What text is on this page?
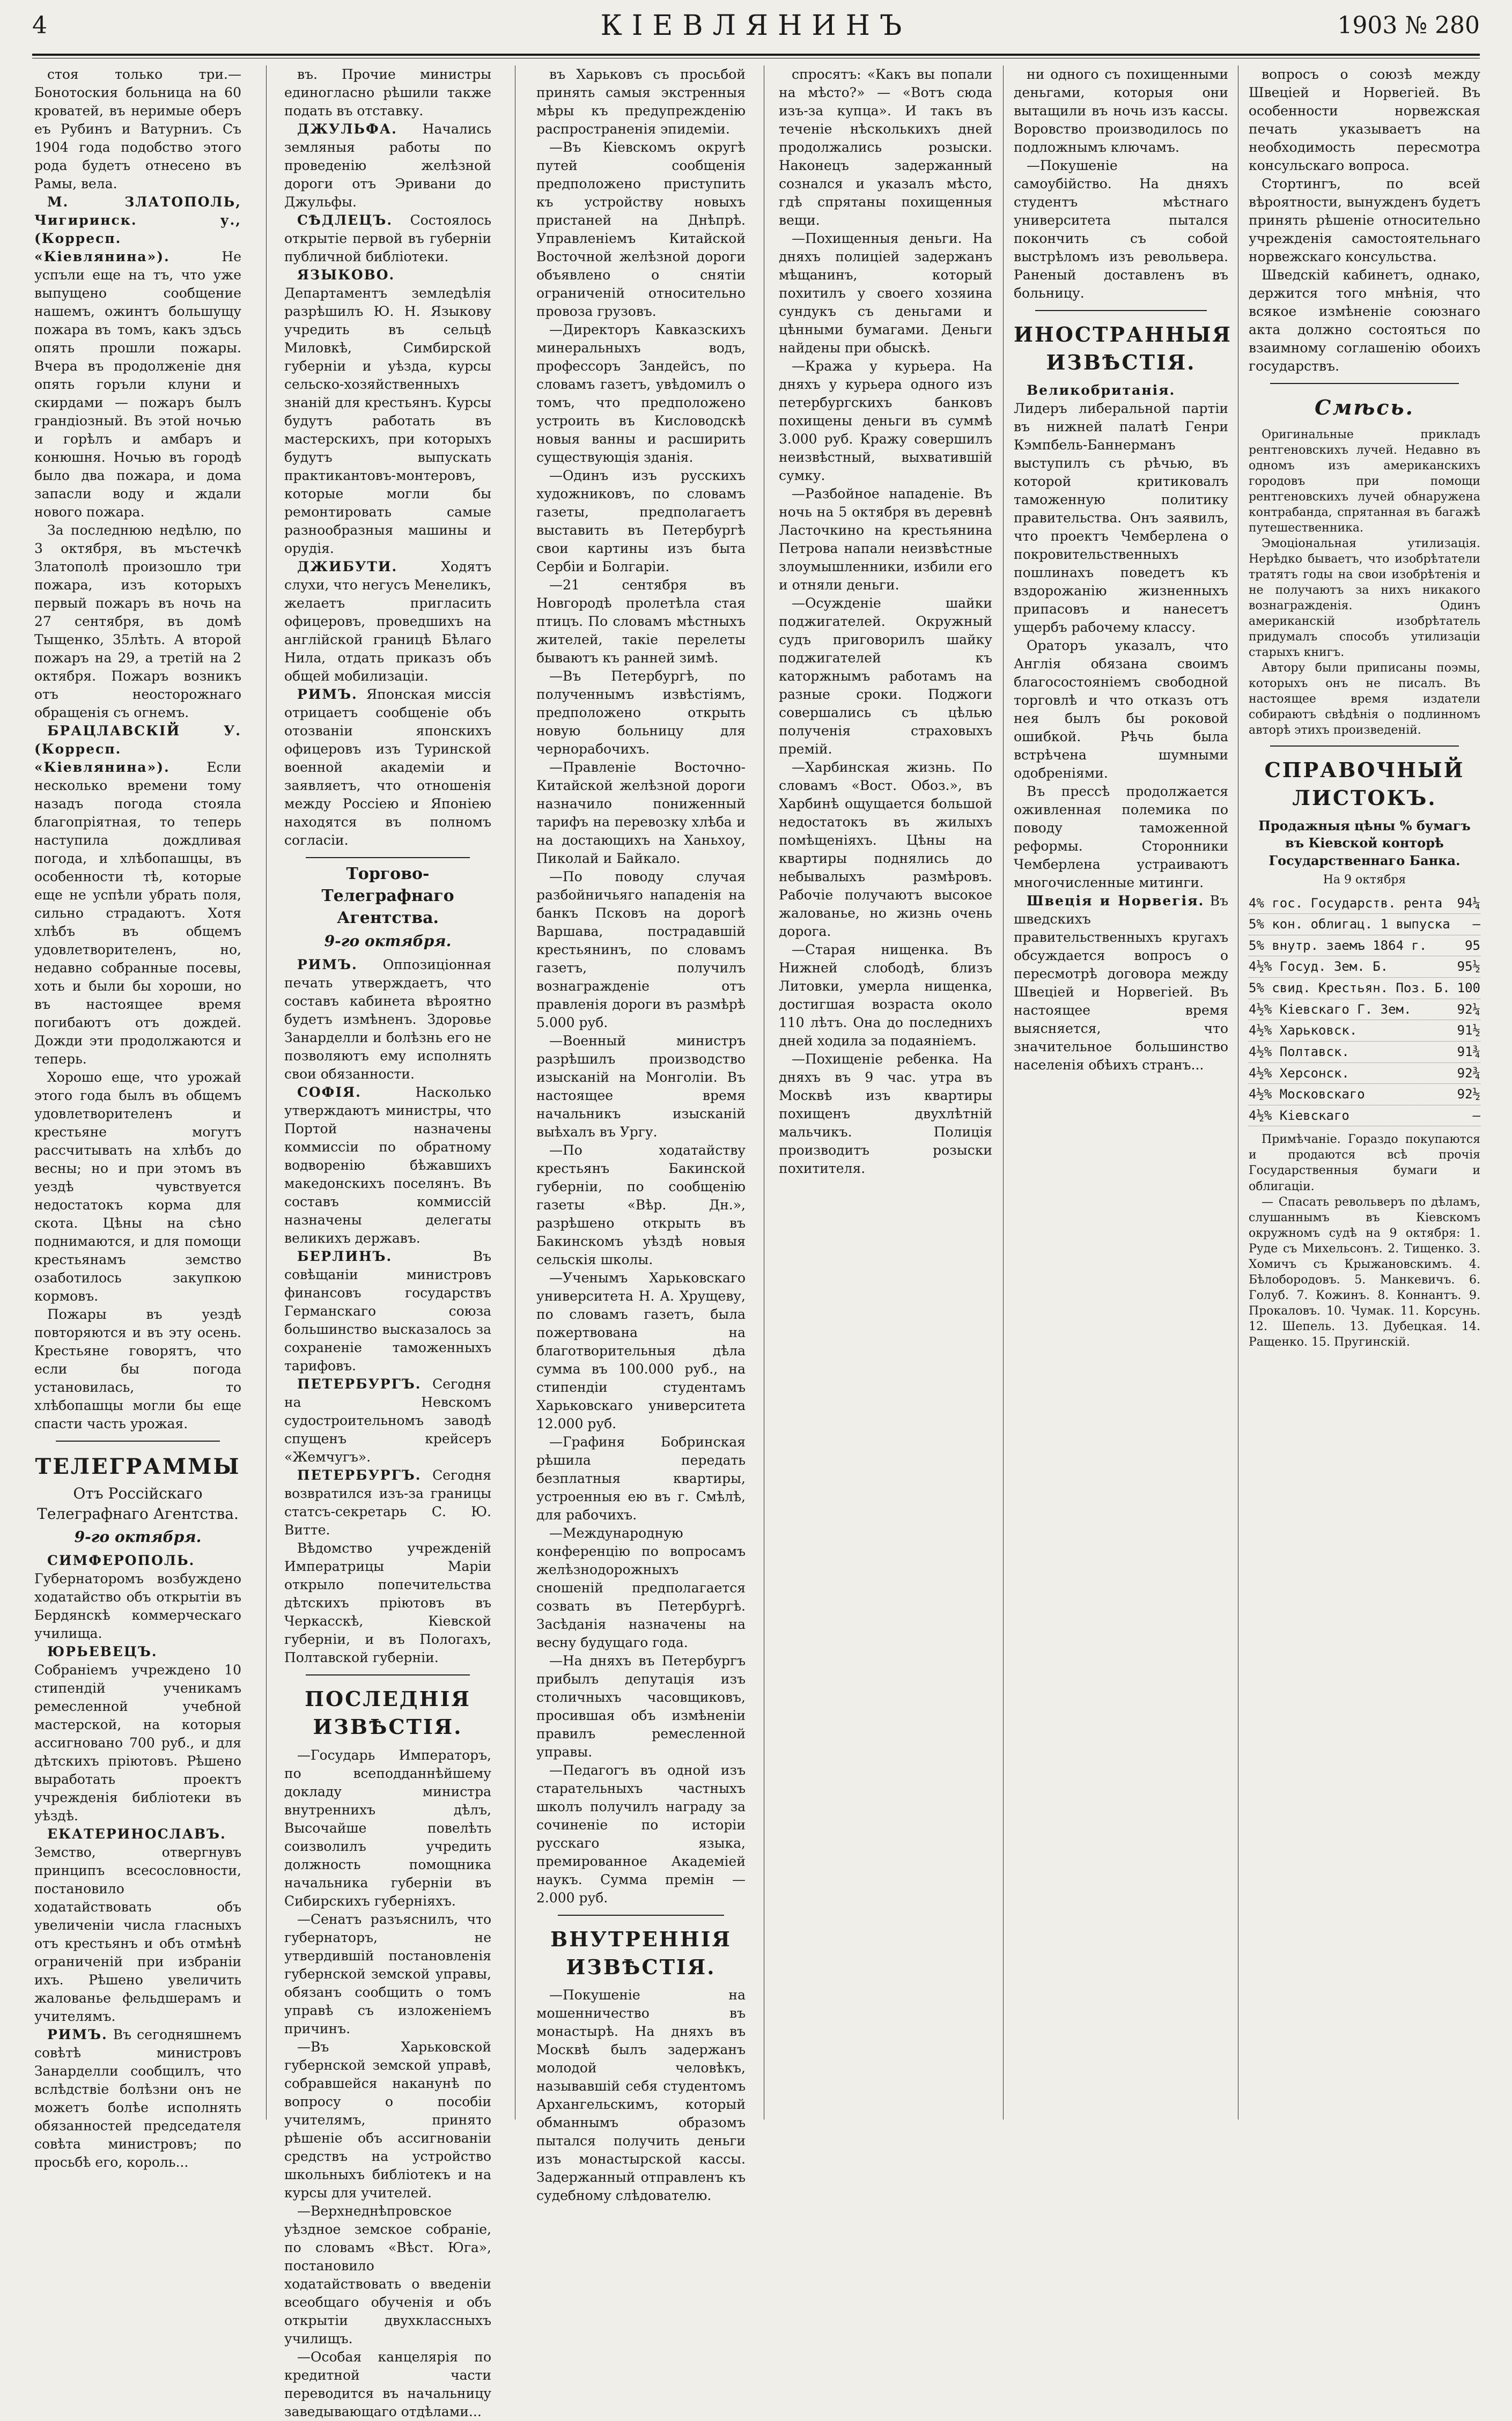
4	КІЕВЛЯНИНЪ	1903 № 280

стоя только три.—Бонотоския больница на 60 кроватей, въ неримые оберъ еъ Рубинъ и Ватурниъ. Съ 1904 года подобство этого рода будетъ отнесено въ Рамы, вела.

М. ЗЛАТОПОЛЬ, Чигиринск. у., (Корресп. «Кіевлянина»).	Не успъли еще на тъ, что уже выпущено сообщение нашемъ, ожинтъ большущу пожара въ томъ, какъ здъсь опять прошли пожары. Вчера въ продолженіе дня опять горъли клуни и скирдами — пожаръ былъ грандіозный. Въ этой ночью и горѣлъ и амбаръ и конюшня. Ночью въ городѣ было два пожара, и дома запасли воду и ждали нового пожара.

За последнюю недѣлю, по 3 октября, въ мъстечкѣ Златополѣ произошло три пожара, изъ которыхъ первый пожаръ въ ночь на 27 сентября, въ домѣ Тыщенко, 35лѣть. А второй пожаръ на 29, а третій на 2 октября. Пожаръ возникъ отъ неосторожнаго обращенія съ огнемъ.

БРАЦЛАВСКІЙ У. (Корресп. «Кіевлянина»).	Если несколько времени тому назадъ погода стояла благопріятная, то теперь наступила дождливая погода, и хлѣбопашцы, въ особенности тѣ, которые еще не успѣли убрать поля, сильно страдаютъ. Хотя хлѣбъ въ общемъ удовлетворителенъ, но, недавно собранные посевы, хоть и были бы хороши, но въ настоящее время погибаютъ отъ дождей. Дожди эти продолжаются и теперь.

Хорошо еще, что урожай этого года былъ въ общемъ удовлетворителенъ и крестьяне могутъ рассчитывать на хлѣбъ до весны; но и при этомъ въ уездѣ чувствуется недостатокъ корма для скота. Цѣны на сѣно поднимаются, и для помощи крестьянамъ земство озаботилось закупкою кормовъ.

Пожары въ уездѣ повторяются и въ эту осень. Крестьяне говорятъ, что если бы погода установилась, то хлѣбопашцы могли бы еще спасти часть урожая.

ТЕЛЕГРАММЫ
Отъ Россійскаго Телеграфнаго Агентства.
9-го октября.

СИМФЕРОПОЛЬ. Губернаторомъ возбуждено ходатайство объ открытіи въ Бердянскѣ коммерческаго училища.

ЮРЬЕВЕЦЪ. Собраніемъ учреждено 10 стипендій ученикамъ ремесленной учебной мастерской, на которыя ассигновано 700 руб., и для дѣтскихъ пріютовъ. Рѣшено выработать проектъ учрежденія библіотеки въ уѣздѣ.

ЕКАТЕРИНОСЛАВЪ. Земство, отвергнувъ принципъ всесословности, постановило ходатайствовать объ увеличеніи числа гласныхъ отъ крестьянъ и объ отмѣнѣ ограниченій при избраніи ихъ. Рѣшено увеличить жалованье фельдшерамъ и учителямъ.

РИМЪ. Въ сегодняшнемъ совѣтѣ министровъ Занарделли сообщилъ, что вслѣдствіе болѣзни онъ не можетъ болѣе исполнять обязанностей председателя совѣта министровъ; по просьбѣ его, король...

въ. Прочие министры единогласно рѣшили также подать въ отставку.

ДЖУЛЬФА. Начались земляныя работы по проведенію желѣзной дороги отъ Эривани до Джульфы.

СѢДЛЕЦЪ. Состоялось открытіе первой въ губерніи публичной библіотеки.

ЯЗЫКОВО. Департаментъ земледѣлія разрѣшилъ Ю. Н. Языкову учредить въ сельцѣ Миловкѣ, Симбирской губерніи и уѣзда, курсы сельско-хозяйственныхъ знаній для крестьянъ. Курсы будутъ работать въ мастерскихъ, при которыхъ будутъ выпускать практикантовъ-монтеровъ, которые могли бы ремонтировать самые разнообразныя машины и орудія.

ДЖИБУТИ.	Ходятъ слухи, что негусъ Менеликъ, желаетъ пригласить офицеровъ, проведшихъ на англійской границѣ Бѣлаго Нила, отдать приказъ объ общей мобилизаціи.

РИМЪ. Японская миссія отрицаетъ сообщеніе объ отозваніи японскихъ офицеровъ изъ Туринской военной академіи и заявляетъ, что отношенія между Россіею и Японіею находятся въ полномъ согласіи.

Торгово-Телеграфнаго Агентства.
9-го октября.

РИМЪ. Оппозиціонная печать утверждаетъ, что составъ кабинета вѣроятно будетъ измѣненъ. Здоровье Занарделли и болѣзнь его не позволяютъ ему исполнять свои обязанности.

СОФІЯ.	Насколько утверждаютъ министры, что Портой назначены коммиссіи по обратному водворенію бѣжавшихъ македонскихъ поселянъ. Въ составъ коммиссій назначены делегаты великихъ державъ.

БЕРЛИНЪ.	Въ совѣщаніи министровъ финансовъ государствъ Германскаго союза большинство высказалось за сохраненіе таможенныхъ тарифовъ.

ПЕТЕРБУРГЪ. Сегодня на Невскомъ судостроительномъ заводѣ спущенъ крейсеръ «Жемчугъ».

ПЕТЕРБУРГЪ. Сегодня возвратился изъ-за границы статсъ-секретарь С. Ю. Витте.

Вѣдомство учрежденій Императрицы Маріи открыло попечительства дѣтскихъ пріютовъ въ Черкасскѣ, Кіевской губерніи, и въ Пологахъ, Полтавской губерніи.

ПОСЛЕДНІЯ ИЗВѢСТІЯ.

—Государь Императоръ, по всеподданнѣйшему докладу министра внутреннихъ дѣлъ, Высочайше повелѣть соизволилъ учредить должность помощника начальника губерніи въ Сибирскихъ губерніяхъ.

—Сенатъ разъяснилъ, что губернаторъ, не утвердившій постановленія губернской земской управы, обязанъ сообщить о томъ управѣ съ изложеніемъ причинъ.

—Въ Харьковской губернской земской управѣ, собравшейся наканунѣ по вопросу о пособіи учителямъ, принято рѣшеніе объ ассигнованіи средствъ на устройство школьныхъ библіотекъ и на курсы для учителей.

—Верхнеднѣпровское уѣздное земское собраніе, по словамъ «Вѣст. Юга», постановило ходатайствовать о введеніи всеобщаго обученія и объ открытіи двухклассныхъ училищъ.

—Особая канцелярія по кредитной части переводится въ начальницу заведывающаго отдѣлами...

въ Харьковъ съ просьбой принять самыя экстренныя мѣры къ предупрежденію распространенія эпидеміи.

—Въ Кіевскомъ округѣ путей сообщенія предположено приступить къ устройству новыхъ пристаней на Днѣпрѣ. Управленіемъ Китайской Восточной желѣзной дороги объявлено о снятіи ограниченій относительно провоза грузовъ.

—Директоръ Кавказскихъ минеральныхъ водъ, профессоръ Зандейсъ, по словамъ газетъ, увѣдомилъ о томъ, что предположено устроить въ Кисловодскѣ новыя ванны и расширить существующія зданія.

—Одинъ изъ русскихъ художниковъ, по словамъ газеты, предполагаетъ выставить въ Петербургѣ свои картины изъ быта Сербіи и Болгаріи.

—21 сентября въ Новгородѣ пролетѣла стая птицъ. По словамъ мѣстныхъ жителей, такіе перелеты бываютъ къ ранней зимѣ.

—Въ Петербургѣ, по полученнымъ извѣстіямъ, предположено открыть новую больницу для чернорабочихъ.

—Правленіе Восточно-Китайской желѣзной дороги назначило пониженный тарифъ на перевозку хлѣба и на достающихъ на Ханьхоу, Пиколай и Байкало.

—По поводу случая разбойничьяго нападенія на банкъ Псковъ на дорогѣ Варшава, пострадавшій крестьянинъ, по словамъ газетъ, получилъ вознагражденіе отъ правленія дороги въ размѣрѣ 5.000 руб.

—Военный министръ разрѣшилъ производство изысканій на Монголіи. Въ настоящее время начальникъ изысканій выѣхалъ въ Ургу.

—По ходатайству крестьянъ Бакинской губерніи, по сообщенію газеты «Вѣр. Дн.», разрѣшено открыть въ Бакинскомъ уѣздѣ новыя сельскія школы.

—Ученымъ Харьковскаго университета Н. А. Хрущеву, по словамъ газетъ, была пожертвована на благотворительныя дѣла сумма въ 100.000 руб., на стипендіи студентамъ Харьковскаго университета 12.000 руб.

—Графиня Бобринская рѣшила передать безплатныя квартиры, устроенныя ею въ г. Смѣлѣ, для рабочихъ.

—Международную конференцію по вопросамъ желѣзнодорожныхъ сношеній предполагается созвать въ Петербургѣ. Засѣданія назначены на весну будущаго года.

—На дняхъ въ Петербургъ прибылъ депутація изъ столичныхъ часовщиковъ, просившая объ измѣненіи правилъ ремесленной управы.

—Педагогъ въ одной изъ старательныхъ частныхъ школъ получилъ награду за сочиненіе по исторіи русскаго языка, премированное Академіей наукъ. Сумма премін — 2.000 руб.

ВНУТРЕННІЯ ИЗВѢСТІЯ.

—Покушеніе на мошенничество въ монастырѣ. На дняхъ въ Москвѣ былъ задержанъ молодой человѣкъ, называвшій себя студентомъ Архангельскимъ, который обманнымъ образомъ пытался получить деньги изъ монастырской кассы. Задержанный отправленъ къ судебному слѣдователю.

спросятъ: «Какъ вы попали на мѣсто?» — «Вотъ сюда изъ-за купца». И такъ въ теченіе нѣсколькихъ дней продолжались розыски. Наконецъ задержанный сознался и указалъ мѣсто, гдѣ спрятаны похищенныя вещи.

—Похищенныя деньги. На дняхъ полиціей задержанъ мѣщанинъ, который похитилъ у своего хозяина сундукъ съ деньгами и цѣнными бумагами. Деньги найдены при обыскѣ.

—Кража у курьера. На дняхъ у курьера одного изъ петербургскихъ банковъ похищены деньги въ суммѣ 3.000 руб. Кражу совершилъ неизвѣстный, выхватившій сумку.

—Разбойное нападеніе. Въ ночь на 5 октября въ деревнѣ Ласточкино на крестьянина Петрова напали неизвѣстные злоумышленники, избили его и отняли деньги.

—Осужденіе шайки поджигателей. Окружный судъ приговорилъ шайку поджигателей къ каторжнымъ работамъ на разные сроки. Поджоги совершались съ цѣлью полученія страховыхъ премій.

—Харбинская жизнь. По словамъ «Вост. Обоз.», въ Харбинѣ ощущается большой недостатокъ въ жилыхъ помѣщеніяхъ. Цѣны на квартиры поднялись до небывалыхъ размѣровъ. Рабочіе получаютъ высокое жалованье, но жизнь очень дорога.

—Старая нищенка. Въ Нижней слободѣ, близъ Литовки, умерла нищенка, достигшая возраста около 110 лѣтъ. Она до последнихъ дней ходила за подаяніемъ.

—Похищеніе ребенка. На дняхъ въ 9 час. утра въ Москвѣ изъ квартиры похищенъ двухлѣтній мальчикъ. Полиція производитъ розыски похитителя.

ни одного съ похищенными деньгами, которыя они вытащили въ ночь изъ кассы. Воровство производилось по подложнымъ ключамъ.

—Покушеніе на самоубійство. На дняхъ студентъ мѣстнаго университета пытался покончить съ собой выстрѣломъ изъ револьвера. Раненый доставленъ въ больницу.

ИНОСТРАННЫЯ ИЗВѢСТІЯ.

Великобританія. Лидеръ либеральной партіи въ нижней палатѣ Генри Кэмпбель-Баннерманъ выступилъ съ рѣчью, въ которой критиковалъ таможенную политику правительства. Онъ заявилъ, что проектъ Чемберлена о покровительственныхъ пошлинахъ поведетъ къ вздорожанію жизненныхъ припасовъ и нанесетъ ущербъ рабочему классу.

Ораторъ указалъ, что Англія обязана своимъ благосостояніемъ свободной торговлѣ и что отказъ отъ нея былъ бы роковой ошибкой. Рѣчь была встрѣчена шумными одобреніями.

Въ прессѣ продолжается оживленная полемика по поводу таможенной реформы. Сторонники Чемберлена устраиваютъ многочисленные митинги.

Швеція и Норвегія. Въ шведскихъ правительственныхъ кругахъ обсуждается вопросъ о пересмотрѣ договора между Швеціей и Норвегіей. Въ настоящее время выясняется, что значительное большинство населенія обѣихъ странъ...

вопросъ о союзѣ между Швеціей и Норвегіей. Въ особенности норвежская печать указываетъ на необходимость пересмотра консульскаго вопроса.

Стортингъ, по всей вѣроятности, вынужденъ будетъ принять рѣшеніе относительно учрежденія самостоятельнаго норвежскаго консульства.

Шведскій кабинетъ, однако, держится того мнѣнія, что всякое измѣненіе союзнаго акта должно состояться по взаимному соглашенію обоихъ государствъ.

Смѣсь.

Оригинальные прикладъ рентгеновскихъ лучей. Недавно въ одномъ изъ американскихъ городовъ при помощи рентгеновскихъ лучей обнаружена контрабанда, спрятанная въ багажѣ путешественника.

Эмоціональная утилизація. Нерѣдко бываетъ, что изобрѣтатели тратятъ годы на свои изобрѣтенія и не получаютъ за нихъ никакого вознагражденія. Одинъ американскій изобрѣтатель придумалъ способъ утилизаціи старыхъ книгъ.

Автору были приписаны поэмы, которыхъ онъ не писалъ. Въ настоящее время издатели собираютъ свѣдѣнія о подлинномъ авторѣ этихъ произведеній.

СПРАВОЧНЫЙ ЛИСТОКЪ.
Продажныя цѣны % бумагъ въ Кіевской конторѣ Государственнаго Банка.
На 9 октября
4% гос. Государств. рента 94¼
5% кон. облигац. 1 выпуска —
5% внутр. заемъ 1864 г.	95
4½% Госуд. Зем. Б.	95½
5% свид. Крестьян. Поз. Б. 100
4½% Кіевскаго Г. Зем.	92¼
4½% Харьковск.	91½
4½% Полтавск.	91¾
4½% Херсонск.	92¾
4½% Московскаго	92½
4½% Кіевскаго	—

Примѣчаніе. Гораздо покупаются и продаются всѣ прочія Государственныя бумаги и облигаціи.

— Спасать револьверъ по дѣламъ, слушаннымъ въ Кіевскомъ окружномъ судѣ на 9 октября: 1. Руде съ Михельсонъ. 2. Тищенко. 3. Хомичъ съ Крыжановскимъ. 4. Бѣлобородовъ. 5. Манкевичъ. 6. Голуб. 7. Кожинъ. 8. Коннантъ. 9. Прокаловъ. 10. Чумак. 11. Корсунь. 12. Шепель. 13. Дубецкая. 14. Ращенко. 15. Пругинскій.
